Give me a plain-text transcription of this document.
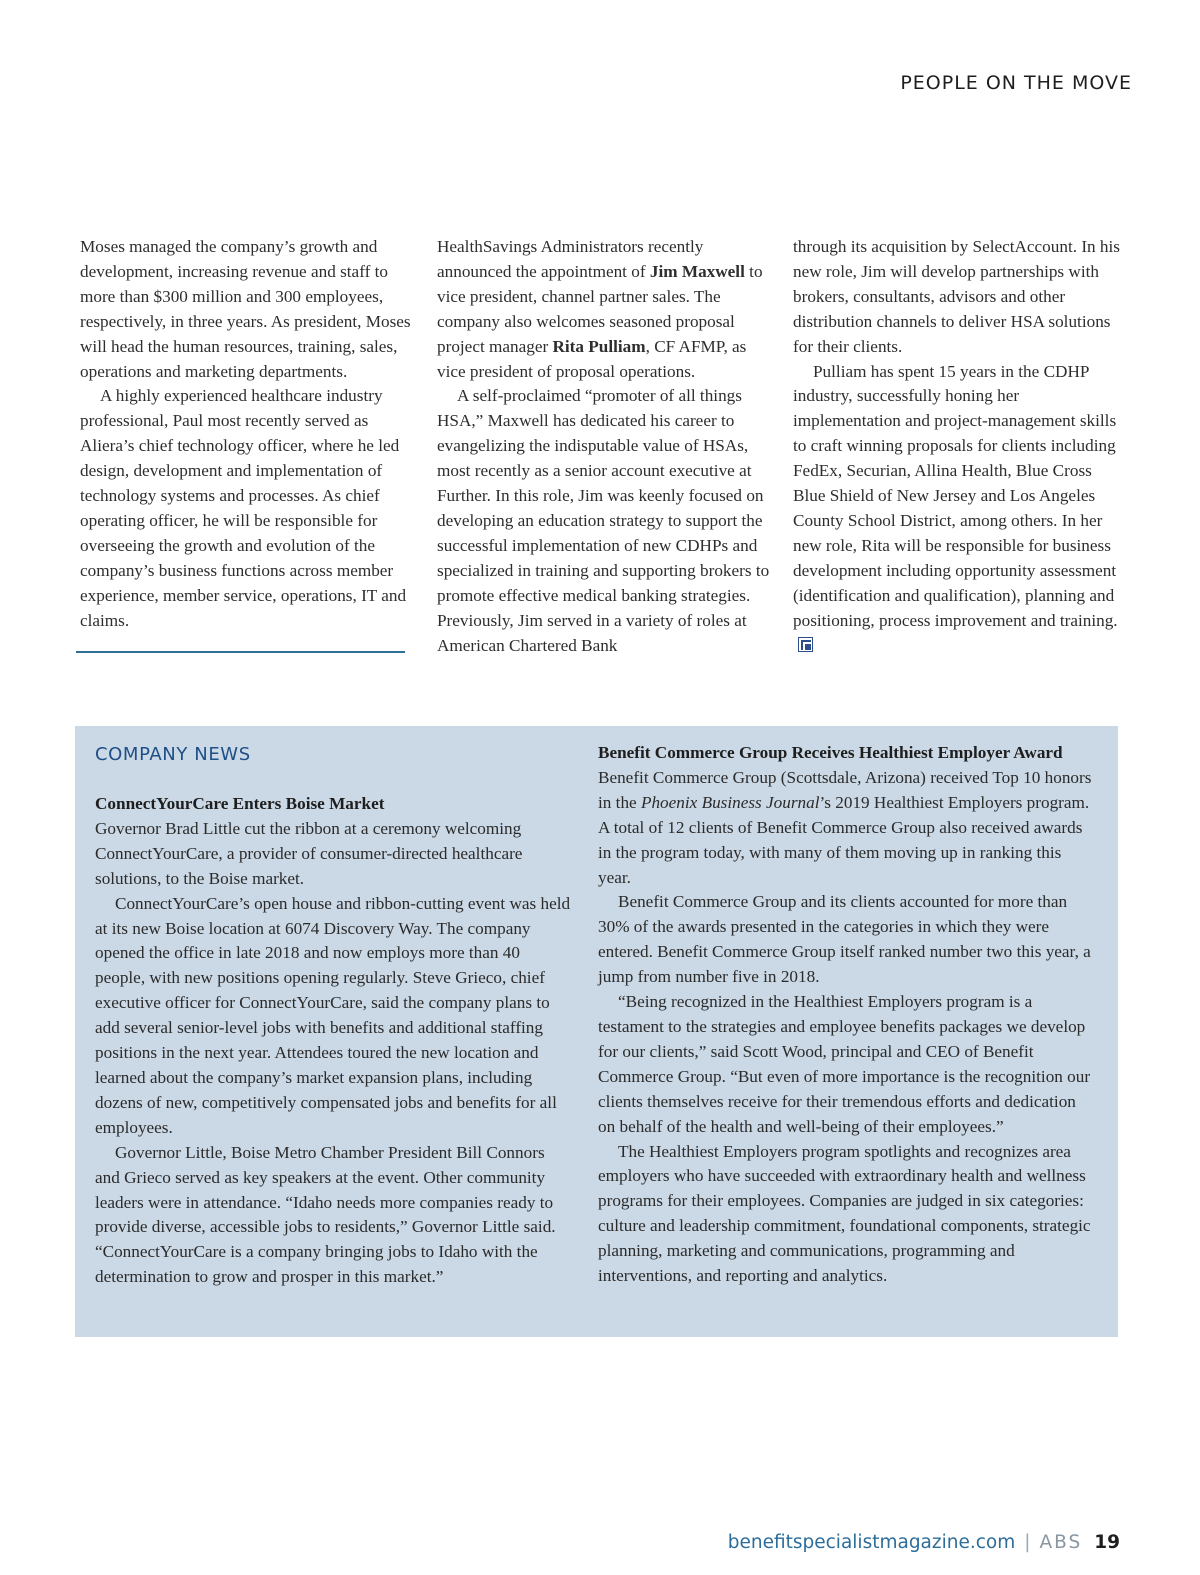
PEOPLE ON THE MOVE

Moses managed the company’s growth and development, increasing revenue and staff to more than $300 million and 300 employees, respectively, in three years. As president, Moses will head the human resources, training, sales, operations and marketing departments.

A highly experienced healthcare industry professional, Paul most recently served as Aliera’s chief technology officer, where he led design, development and implementation of technology systems and processes. As chief operating officer, he will be responsible for overseeing the growth and evolution of the company’s business functions across member experience, member service, operations, IT and claims.

HealthSavings Administrators recently announced the appointment of Jim Maxwell to vice president, channel partner sales. The company also welcomes seasoned proposal project manager Rita Pulliam, CF AFMP, as vice president of proposal operations.

A self-proclaimed “promoter of all things HSA,” Maxwell has dedicated his career to evangelizing the indisputable value of HSAs, most recently as a senior account executive at Further. In this role, Jim was keenly focused on developing an education strategy to support the successful implementation of new CDHPs and specialized in training and supporting brokers to promote effective medical banking strategies. Previously, Jim served in a variety of roles at American Chartered Bank

through its acquisition by SelectAccount. In his new role, Jim will develop partnerships with brokers, consultants, advisors and other distribution channels to deliver HSA solutions for their clients.

Pulliam has spent 15 years in the CDHP industry, successfully honing her implementation and project-management skills to craft winning proposals for clients including FedEx, Securian, Allina Health, Blue Cross Blue Shield of New Jersey and Los Angeles County School District, among others. In her new role, Rita will be responsible for business development including opportunity assessment (identification and qualification), planning and positioning, process improvement and training.

COMPANY NEWS
ConnectYourCare Enters Boise Market

Governor Brad Little cut the ribbon at a ceremony welcoming ConnectYourCare, a provider of consumer-directed healthcare solutions, to the Boise market.

ConnectYourCare’s open house and ribbon-cutting event was held at its new Boise location at 6074 Discovery Way. The company opened the office in late 2018 and now employs more than 40 people, with new positions opening regularly. Steve Grieco, chief executive officer for ConnectYourCare, said the company plans to add several senior-level jobs with benefits and additional staffing positions in the next year. Attendees toured the new location and learned about the company’s market expansion plans, including dozens of new, competitively compensated jobs and benefits for all employees.

Governor Little, Boise Metro Chamber President Bill Connors and Grieco served as key speakers at the event. Other community leaders were in attendance. “Idaho needs more companies ready to provide diverse, accessible jobs to residents,” Governor Little said. “ConnectYourCare is a company bringing jobs to Idaho with the determination to grow and prosper in this market.”

Benefit Commerce Group Receives Healthiest Employer Award

Benefit Commerce Group (Scottsdale, Arizona) received Top 10 honors in the Phoenix Business Journal’s 2019 Healthiest Employers program. A total of 12 clients of Benefit Commerce Group also received awards in the program today, with many of them moving up in ranking this year.

Benefit Commerce Group and its clients accounted for more than 30% of the awards presented in the categories in which they were entered. Benefit Commerce Group itself ranked number two this year, a jump from number five in 2018.

“Being recognized in the Healthiest Employers program is a testament to the strategies and employee benefits packages we develop for our clients,” said Scott Wood, principal and CEO of Benefit Commerce Group. “But even of more importance is the recognition our clients themselves receive for their tremendous efforts and dedication on behalf of the health and well-being of their employees.”

The Healthiest Employers program spotlights and recognizes area employers who have succeeded with extraordinary health and wellness programs for their employees. Companies are judged in six categories: culture and leadership commitment, foundational components, strategic planning, marketing and communications, programming and interventions, and reporting and analytics.

benefitspecialistmagazine.com | ABS 19
